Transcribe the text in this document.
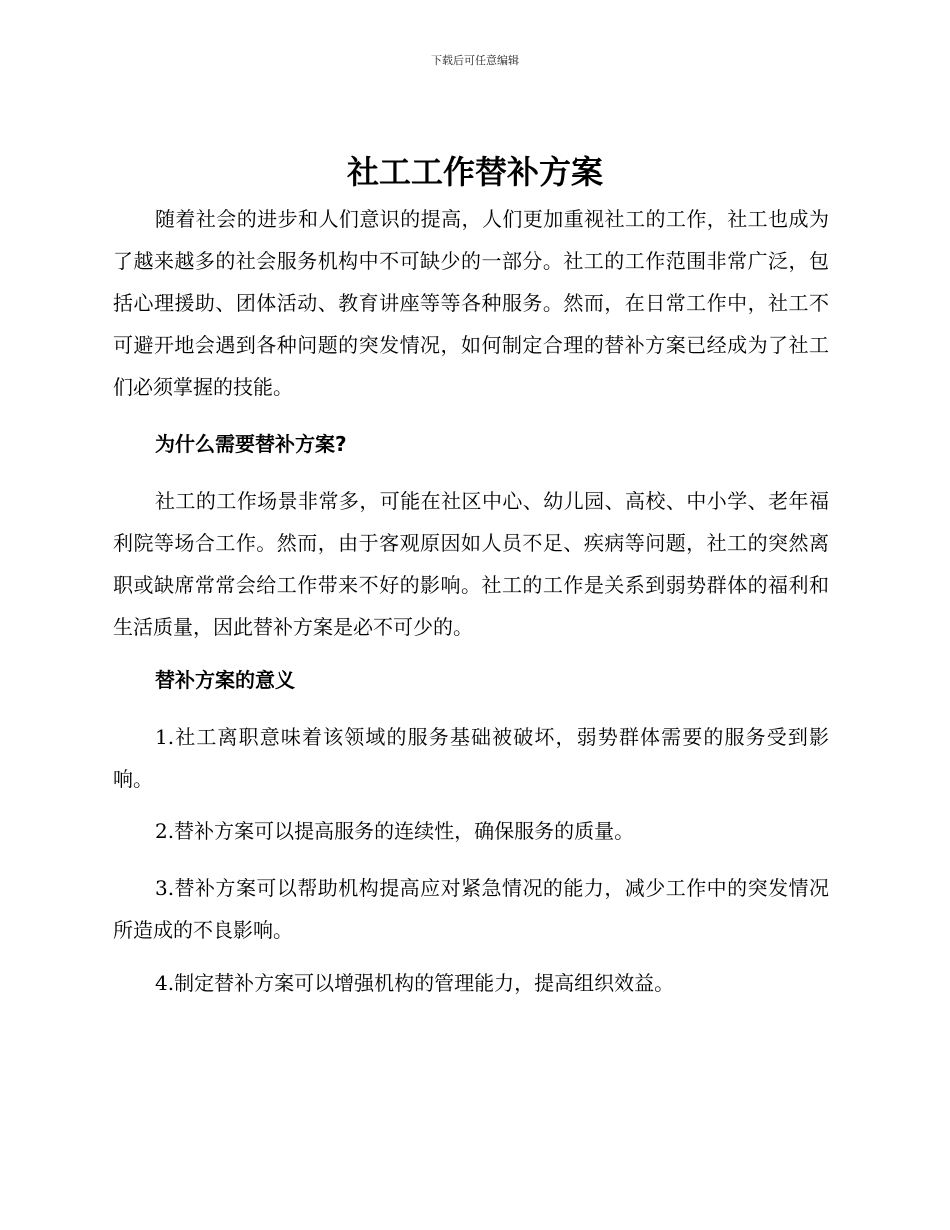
下载后可任意编辑
社工工作替补方案

随着社会的进步和人们意识的提高，人们更加重视社工的工作，社工也成为了越来越多的社会服务机构中不可缺少的一部分。社工的工作范围非常广泛，包括心理援助、团体活动、教育讲座等等各种服务。然而，在日常工作中，社工不可避开地会遇到各种问题的突发情况，如何制定合理的替补方案已经成为了社工们必须掌握的技能。

为什么需要替补方案?

社工的工作场景非常多，可能在社区中心、幼儿园、高校、中小学、老年福利院等场合工作。然而，由于客观原因如人员不足、疾病等问题，社工的突然离职或缺席常常会给工作带来不好的影响。社工的工作是关系到弱势群体的福利和生活质量，因此替补方案是必不可少的。

替补方案的意义

1.社工离职意味着该领域的服务基础被破坏，弱势群体需要的服务受到影响。

2.替补方案可以提高服务的连续性，确保服务的质量。

3.替补方案可以帮助机构提高应对紧急情况的能力，减少工作中的突发情况所造成的不良影响。

4.制定替补方案可以增强机构的管理能力，提高组织效益。
